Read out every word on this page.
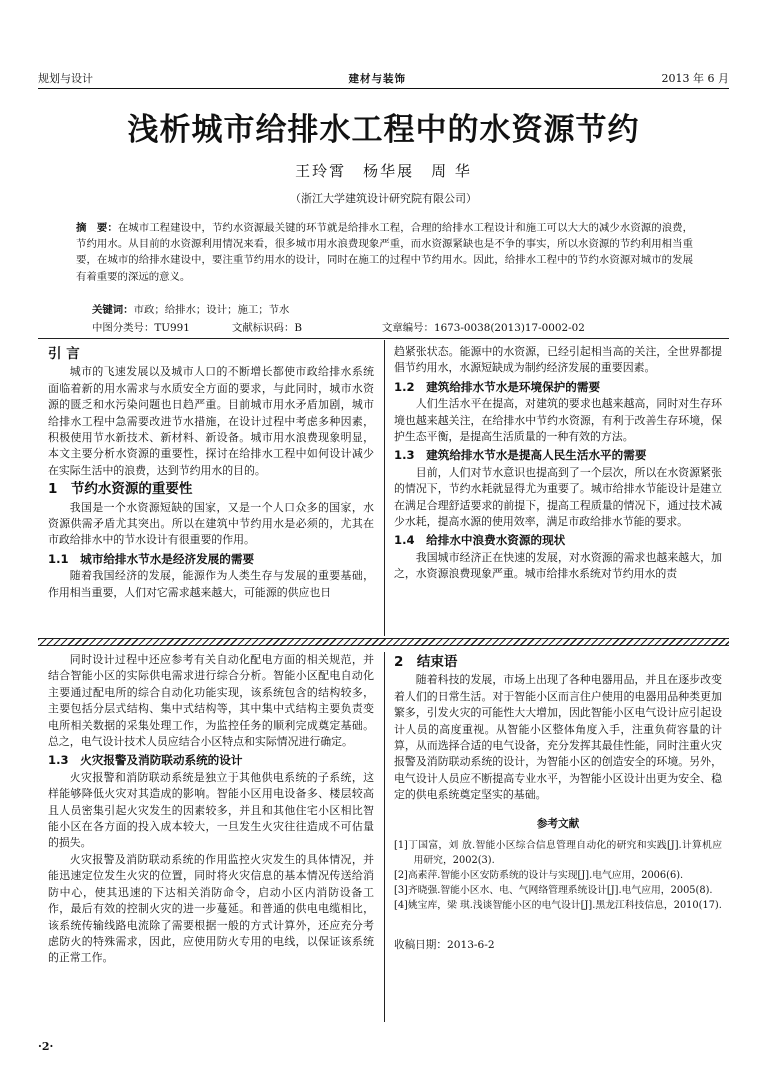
规划与设计	建材与装饰	2013 年 6 月
浅析城市给排水工程中的水资源节约
王玲霄　杨华展　周 华
（浙江大学建筑设计研究院有限公司）
摘　要：在城市工程建设中，节约水资源最关键的环节就是给排水工程，合理的给排水工程设计和施工可以大大的减少水资源的浪费，节约用水。从目前的水资源利用情况来看，很多城市用水浪费现象严重，而水资源紧缺也是不争的事实，所以水资源的节约利用相当重要，在城市的给排水建设中，要注重节约用水的设计，同时在施工的过程中节约用水。因此，给排水工程中的节约水资源对城市的发展有着重要的深远的意义。
关键词：市政；给排水；设计；施工；节水
中图分类号：TU991	文献标识码：B	文章编号：1673-0038(2013)17-0002-02
引 言

城市的飞速发展以及城市人口的不断增长都使市政给排水系统面临着新的用水需求与水质安全方面的要求，与此同时，城市水资源的匮乏和水污染问题也日趋严重。目前城市用水矛盾加剧，城市给排水工程中急需要改进节水措施，在设计过程中考虑多种因素，积极使用节水新技术、新材料、新设备。城市用水浪费现象明显，本文主要分析水资源的重要性，探讨在给排水工程中如何设计减少在实际生活中的浪费，达到节约用水的目的。

1　节约水资源的重要性

我国是一个水资源短缺的国家，又是一个人口众多的国家，水资源供需矛盾尤其突出。所以在建筑中节约用水是必须的，尤其在市政给排水中的节水设计有很重要的作用。

1.1　城市给排水节水是经济发展的需要

随着我国经济的发展，能源作为人类生存与发展的重要基础，作用相当重要，人们对它需求越来越大，可能源的供应也日

趋紧张状态。能源中的水资源，已经引起相当高的关注，全世界都提倡节约用水，水源短缺成为制约经济发展的重要因素。

1.2　建筑给排水节水是环境保护的需要

人们生活水平在提高，对建筑的要求也越来越高，同时对生存环境也越来越关注，在给排水中节约水资源，有利于改善生存环境，保护生态平衡，是提高生活质量的一种有效的方法。

1.3　建筑给排水节水是提高人民生活水平的需要

目前，人们对节水意识也提高到了一个层次，所以在水资源紧张的情况下，节约水耗就显得尤为重要了。城市给排水节能设计是建立在满足合理舒适要求的前提下，提高工程质量的情况下，通过技术减少水耗，提高水源的使用效率，满足市政给排水节能的要求。

1.4　给排水中浪费水资源的现状

我国城市经济正在快速的发展，对水资源的需求也越来越大，加之，水资源浪费现象严重。城市给排水系统对节约用水的责

同时设计过程中还应参考有关自动化配电方面的相关规范，并结合智能小区的实际供电需求进行综合分析。智能小区配电自动化主要通过配电所的综合自动化功能实现，该系统包含的结构较多，主要包括分层式结构、集中式结构等，其中集中式结构主要负责变电所相关数据的采集处理工作，为监控任务的顺利完成奠定基础。总之，电气设计技术人员应结合小区特点和实际情况进行确定。

1.3　火灾报警及消防联动系统的设计

火灾报警和消防联动系统是独立于其他供电系统的子系统，这样能够降低火灾对其造成的影响。智能小区用电设备多、楼层较高且人员密集引起火灾发生的因素较多，并且和其他住宅小区相比智能小区在各方面的投入成本较大，一旦发生火灾往往造成不可估量的损失。

火灾报警及消防联动系统的作用监控火灾发生的具体情况，并能迅速定位发生火灾的位置，同时将火灾信息的基本情况传送给消防中心，使其迅速的下达相关消防命令，启动小区内消防设备工作，最后有效的控制火灾的进一步蔓延。和普通的供电电缆相比，该系统传输线路电流除了需要根据一般的方式计算外，还应充分考虑防火的特殊需求，因此，应使用防火专用的电线，以保证该系统的正常工作。

2　结束语

随着科技的发展，市场上出现了各种电器用品，并且在逐步改变着人们的日常生活。对于智能小区而言住户使用的电器用品种类更加繁多，引发火灾的可能性大大增加，因此智能小区电气设计应引起设计人员的高度重视。从智能小区整体角度入手，注重负荷容量的计算，从而选择合适的电气设备，充分发挥其最佳性能，同时注重火灾报警及消防联动系统的设计，为智能小区的创造安全的环境。另外，电气设计人员应不断提高专业水平，为智能小区设计出更为安全、稳定的供电系统奠定坚实的基础。

参考文献
[1]丁国富，刘 放.智能小区综合信息管理自动化的研究和实践[J].计算机应用研究，2002(3).
[2]高素萍.智能小区安防系统的设计与实现[J].电气应用，2006(6).
[3]齐晓强.智能小区水、电、气网络管理系统设计[J].电气应用，2005(8).
[4]姚宝库，梁 琪.浅谈智能小区的电气设计[J].黑龙江科技信息，2010(17).
收稿日期：2013-6-2
·2·
